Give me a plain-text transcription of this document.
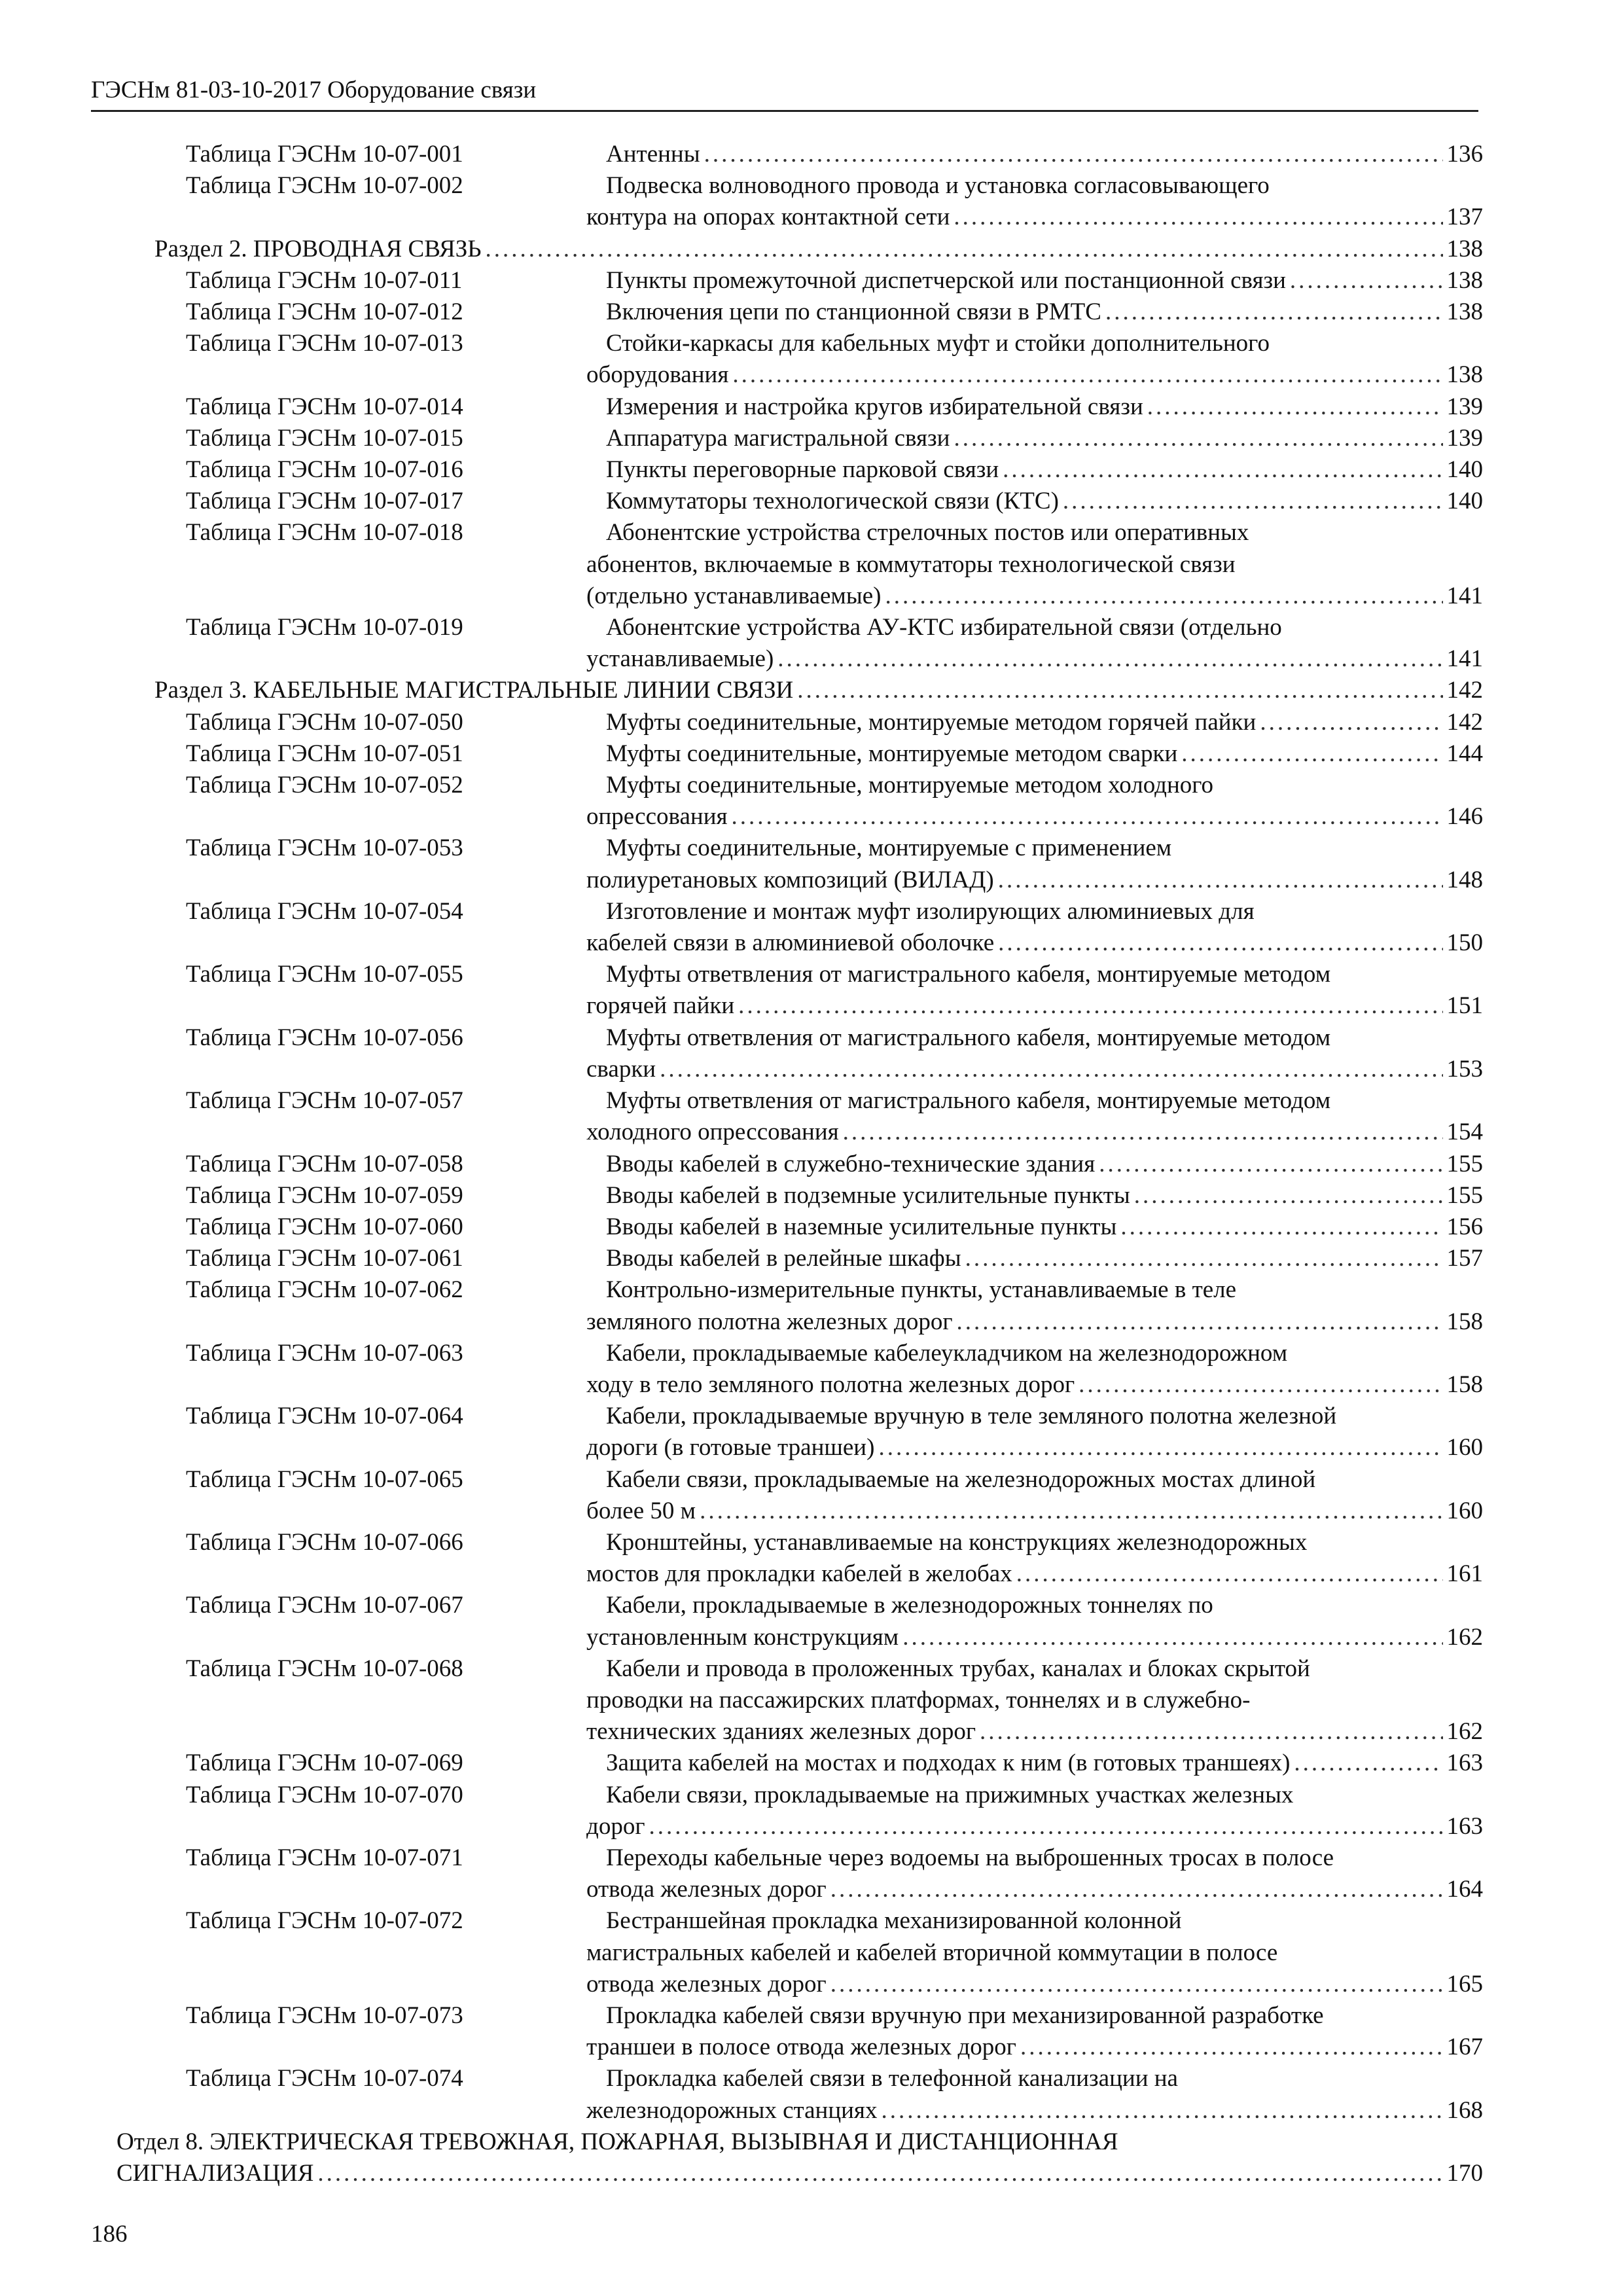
ГЭСНм 81-03-10-2017 Оборудование связи
Таблица ГЭСНм 10-07-001	Антенны .....	136
Таблица ГЭСНм 10-07-002	Подвеска волноводного провода и установка согласовывающего
контура на опорах контактной сети .....	137
Раздел 2. ПРОВОДНАЯ СВЯЗЬ .....	138
Таблица ГЭСНм 10-07-011	Пункты промежуточной диспетчерской или постанционной связи .....	138
Таблица ГЭСНм 10-07-012	Включения цепи по станционной связи в РМТС .....	138
Таблица ГЭСНм 10-07-013	Стойки-каркасы для кабельных муфт и стойки дополнительного
оборудования .....	138
Таблица ГЭСНм 10-07-014	Измерения и настройка кругов избирательной связи .....	139
Таблица ГЭСНм 10-07-015	Аппаратура магистральной связи .....	139
Таблица ГЭСНм 10-07-016	Пункты переговорные парковой связи .....	140
Таблица ГЭСНм 10-07-017	Коммутаторы технологической связи (КТС) .....	140
Таблица ГЭСНм 10-07-018	Абонентские устройства стрелочных постов или оперативных
абонентов, включаемые в коммутаторы технологической связи
(отдельно устанавливаемые) .....	141
Таблица ГЭСНм 10-07-019	Абонентские устройства АУ-КТС избирательной связи (отдельно
устанавливаемые) .....	141
Раздел 3. КАБЕЛЬНЫЕ МАГИСТРАЛЬНЫЕ ЛИНИИ СВЯЗИ .....	142
Таблица ГЭСНм 10-07-050	Муфты соединительные, монтируемые методом горячей пайки .....	142
Таблица ГЭСНм 10-07-051	Муфты соединительные, монтируемые методом сварки .....	144
Таблица ГЭСНм 10-07-052	Муфты соединительные, монтируемые методом холодного
опрессования .....	146
Таблица ГЭСНм 10-07-053	Муфты соединительные, монтируемые с применением
полиуретановых композиций (ВИЛАД) .....	148
Таблица ГЭСНм 10-07-054	Изготовление и монтаж муфт изолирующих алюминиевых для
кабелей связи в алюминиевой оболочке .....	150
Таблица ГЭСНм 10-07-055	Муфты ответвления от магистрального кабеля, монтируемые методом
горячей пайки .....	151
Таблица ГЭСНм 10-07-056	Муфты ответвления от магистрального кабеля, монтируемые методом
сварки .....	153
Таблица ГЭСНм 10-07-057	Муфты ответвления от магистрального кабеля, монтируемые методом
холодного опрессования .....	154
Таблица ГЭСНм 10-07-058	Вводы кабелей в служебно-технические здания .....	155
Таблица ГЭСНм 10-07-059	Вводы кабелей в подземные усилительные пункты .....	155
Таблица ГЭСНм 10-07-060	Вводы кабелей в наземные усилительные пункты .....	156
Таблица ГЭСНм 10-07-061	Вводы кабелей в релейные шкафы .....	157
Таблица ГЭСНм 10-07-062	Контрольно-измерительные пункты, устанавливаемые в теле
земляного полотна железных дорог .....	158
Таблица ГЭСНм 10-07-063	Кабели, прокладываемые кабелеукладчиком на железнодорожном
ходу в тело земляного полотна железных дорог .....	158
Таблица ГЭСНм 10-07-064	Кабели, прокладываемые вручную в теле земляного полотна железной
дороги (в готовые траншеи) .....	160
Таблица ГЭСНм 10-07-065	Кабели связи, прокладываемые на железнодорожных мостах длиной
более 50 м .....	160
Таблица ГЭСНм 10-07-066	Кронштейны, устанавливаемые на конструкциях железнодорожных
мостов для прокладки кабелей в желобах .....	161
Таблица ГЭСНм 10-07-067	Кабели, прокладываемые в железнодорожных тоннелях по
установленным конструкциям .....	162
Таблица ГЭСНм 10-07-068	Кабели и провода в проложенных трубах, каналах и блоках скрытой
проводки на пассажирских платформах, тоннелях и в служебно-
технических зданиях железных дорог .....	162
Таблица ГЭСНм 10-07-069	Защита кабелей на мостах и подходах к ним (в готовых траншеях) .....	163
Таблица ГЭСНм 10-07-070	Кабели связи, прокладываемые на прижимных участках железных
дорог .....	163
Таблица ГЭСНм 10-07-071	Переходы кабельные через водоемы на выброшенных тросах в полосе
отвода железных дорог .....	164
Таблица ГЭСНм 10-07-072	Бестраншейная прокладка механизированной колонной
магистральных кабелей и кабелей вторичной коммутации в полосе
отвода железных дорог .....	165
Таблица ГЭСНм 10-07-073	Прокладка кабелей связи вручную при механизированной разработке
траншеи в полосе отвода железных дорог .....	167
Таблица ГЭСНм 10-07-074	Прокладка кабелей связи в телефонной канализации на
железнодорожных станциях .....	168
Отдел 8. ЭЛЕКТРИЧЕСКАЯ ТРЕВОЖНАЯ, ПОЖАРНАЯ, ВЫЗЫВНАЯ И ДИСТАНЦИОННАЯ
СИГНАЛИЗАЦИЯ .....	170
186
